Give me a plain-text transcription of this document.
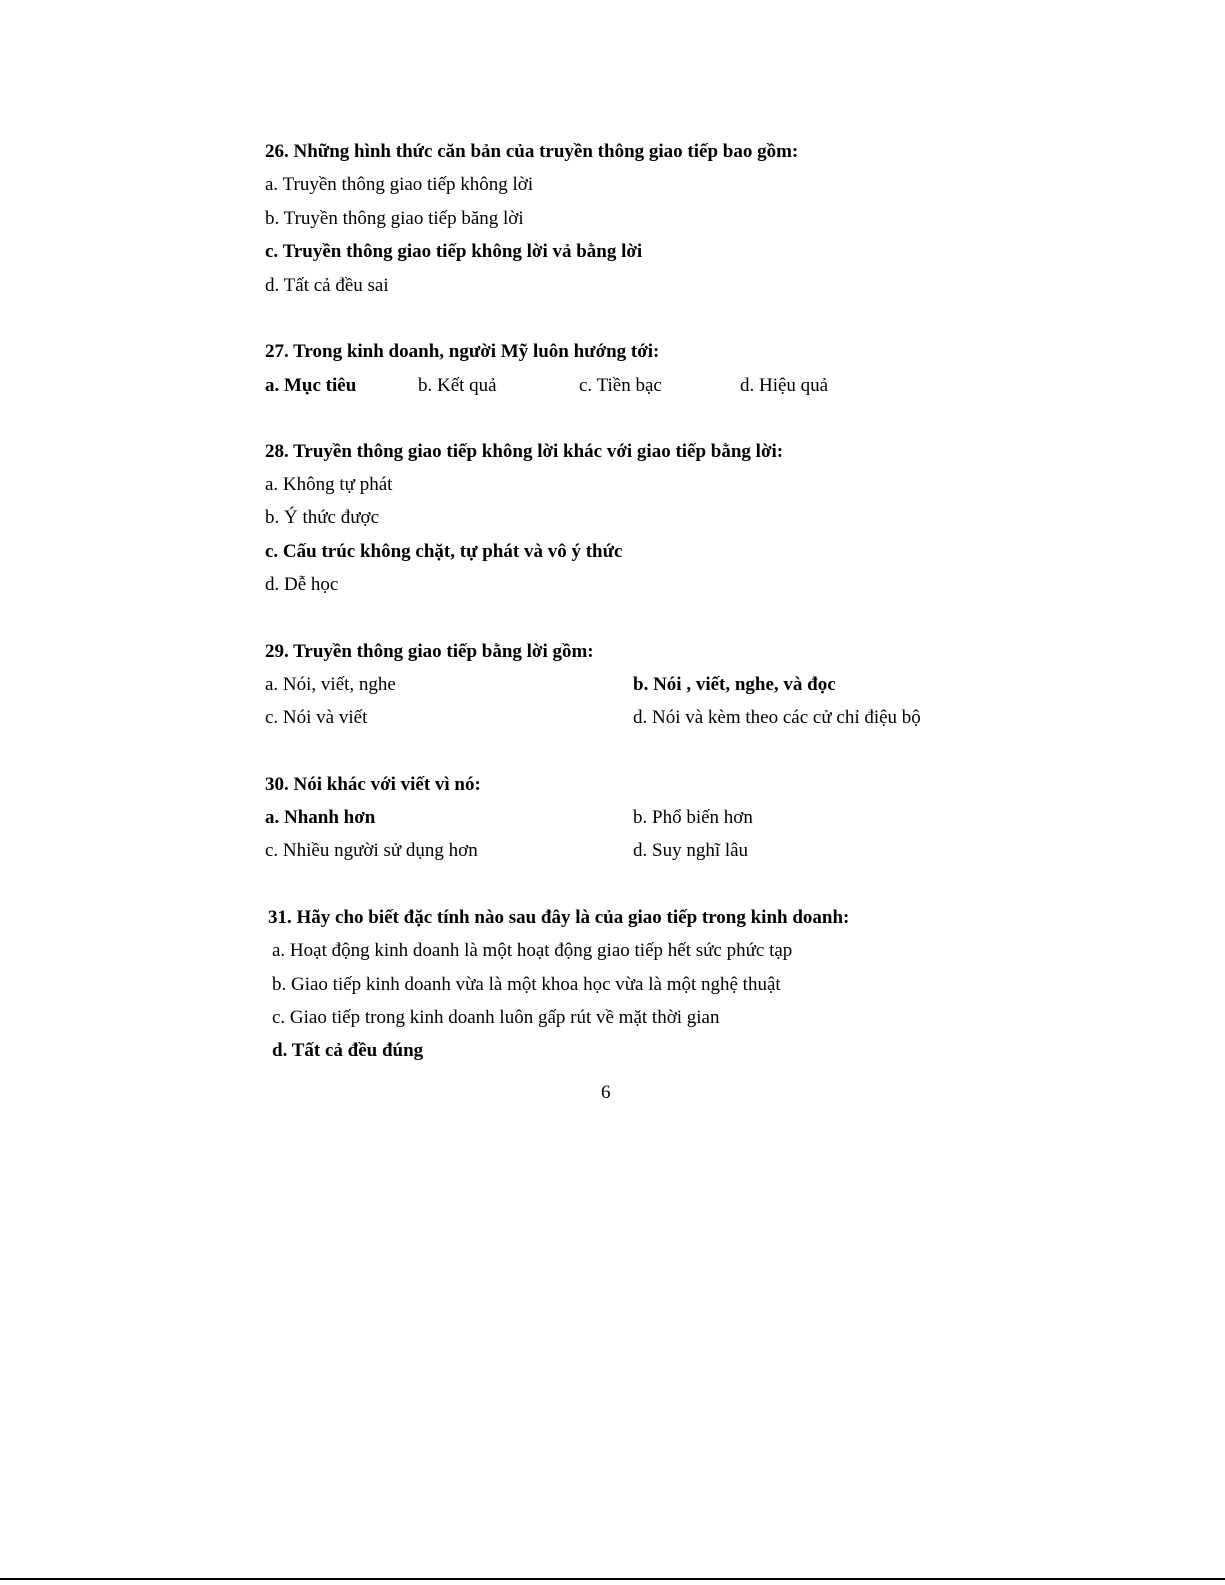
26. Những hình thức căn bản của truyền thông giao tiếp bao gồm:
a. Truyền thông giao tiếp không lời
b. Truyền thông giao tiếp băng lời
c. Truyền thông giao tiếp không lời vả bằng lời
d. Tất cả đều sai
27. Trong kinh doanh, người Mỹ luôn hướng tới:
a. Mục tiêu	b. Kết quả	c. Tiền bạc	d. Hiệu quả
28. Truyền thông giao tiếp không lời khác với giao tiếp bằng lời:
a. Không tự phát
b. Ý thức được
c. Cấu trúc không chặt, tự phát và vô ý thức
d. Dễ học
29. Truyền thông giao tiếp bằng lời gồm:
a. Nói, viết, nghe	b. Nói , viết, nghe, và đọc
c. Nói và viết	d. Nói và kèm theo các cử chỉ điệu bộ
30. Nói khác với viết vì nó:
a. Nhanh hơn	b. Phổ biến hơn
c. Nhiều người sử dụng hơn	d. Suy nghĩ lâu
31. Hãy cho biết đặc tính nào sau đây là của giao tiếp trong kinh doanh:
a. Hoạt động kinh doanh là một hoạt động giao tiếp hết sức phức tạp
b. Giao tiếp kinh doanh vừa là một khoa học vừa là một nghệ thuật
c. Giao tiếp trong kinh doanh luôn gấp rút về mặt thời gian
d. Tất cả đều đúng
6
